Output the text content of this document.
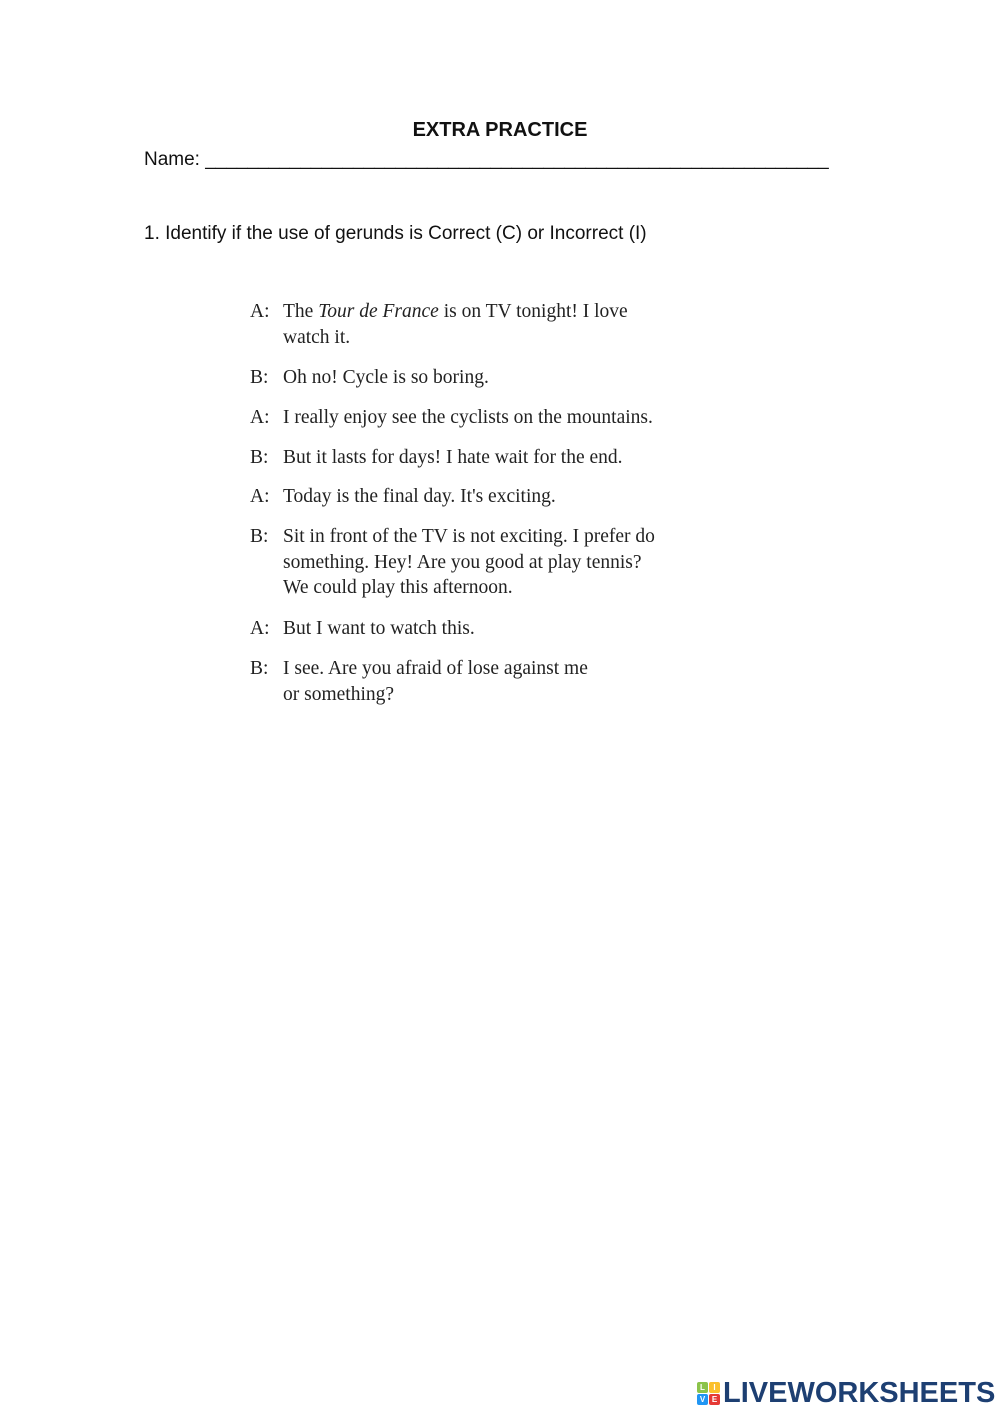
EXTRA PRACTICE
Name: ___________________________________________________________
1. Identify if the use of gerunds is Correct (C) or Incorrect (I)
A: The Tour de France is on TV tonight! I love
watch it.
B: Oh no! Cycle is so boring.
A: I really enjoy see the cyclists on the mountains.
B: But it lasts for days! I hate wait for the end.
A: Today is the final day. It's exciting.
B: Sit in front of the TV is not exciting. I prefer do
something. Hey! Are you good at play tennis?
We could play this afternoon.
A: But I want to watch this.
B: I see. Are you afraid of lose against me
or something?
L	I
V E LIVEWORKSHEETS
